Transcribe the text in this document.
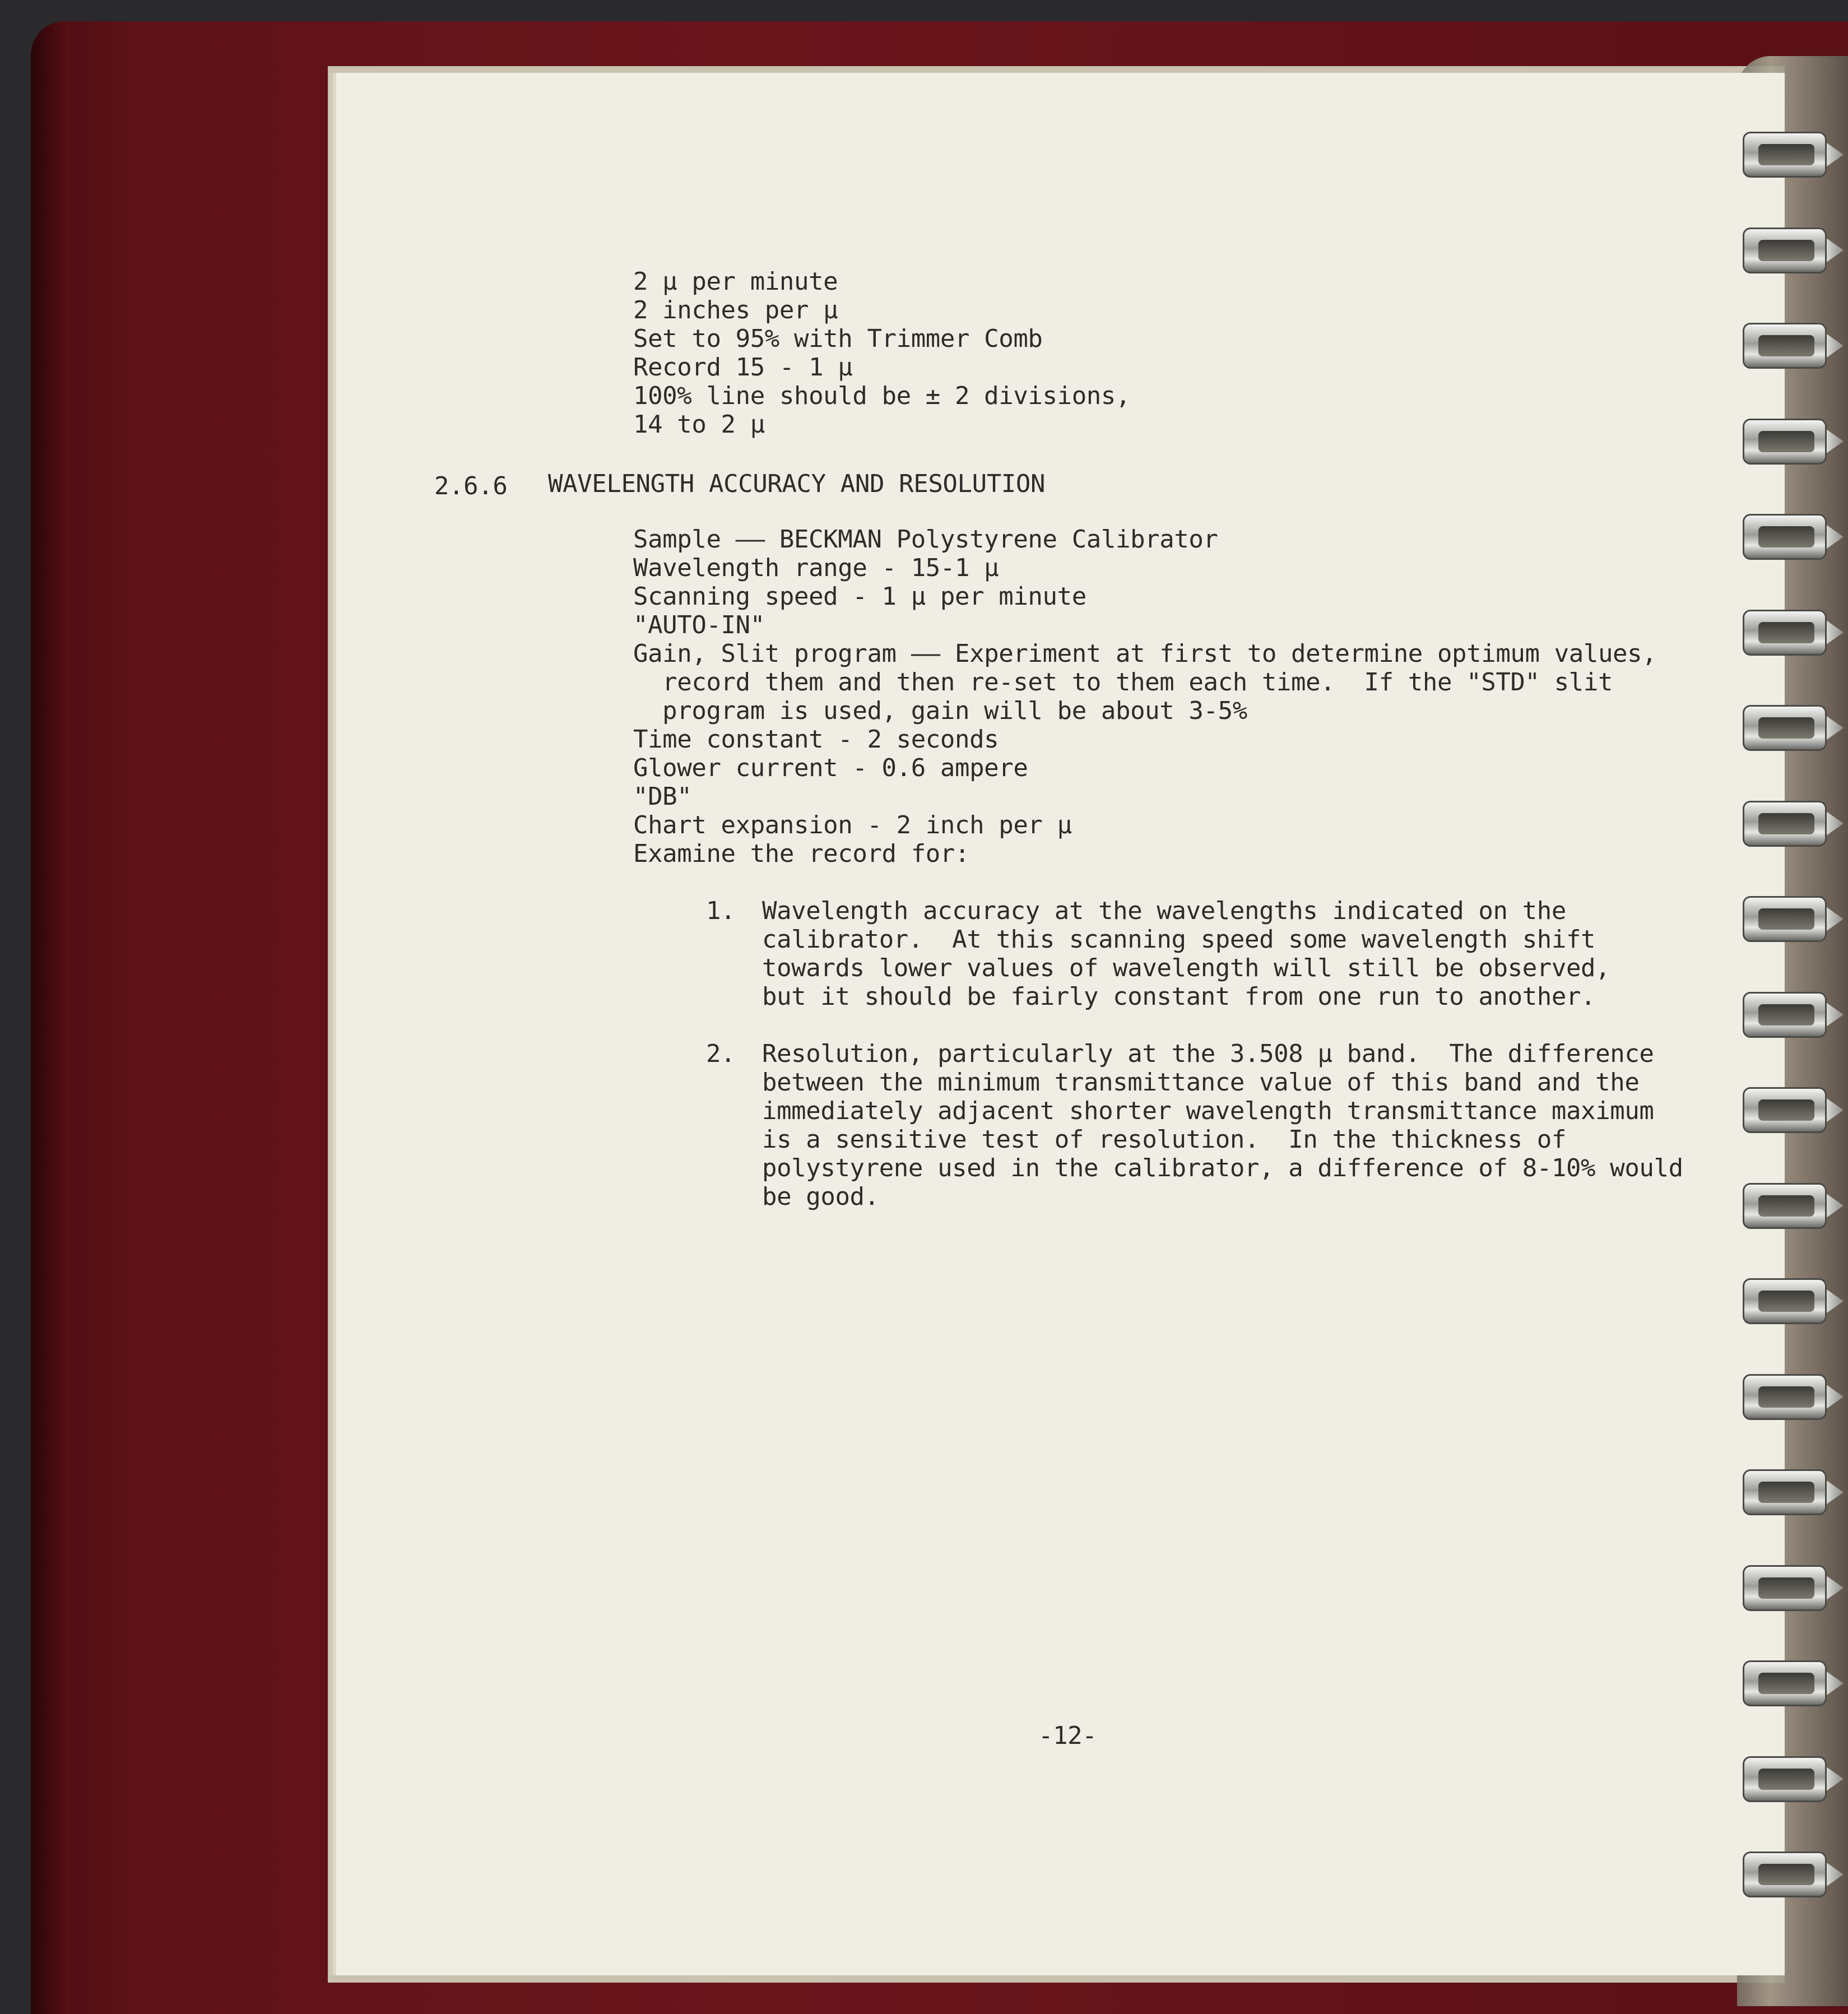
2 μ per minute
2 inches per μ
Set to 95% with Trimmer Comb
Record 15 - 1 μ
100% line should be ± 2 divisions,
14 to 2 μ
2.6.6 WAVELENGTH ACCURACY AND RESOLUTION
Sample —— BECKMAN Polystyrene Calibrator
Wavelength range - 15-1 μ
Scanning speed - 1 μ per minute
"AUTO-IN"
Gain, Slit program —— Experiment at first to determine optimum values,
record them and then re-set to them each time.  If the "STD" slit
program is used, gain will be about 3-5%
Time constant - 2 seconds
Glower current - 0.6 ampere
"DB"
Chart expansion - 2 inch per μ
Examine the record for:
1. Wavelength accuracy at the wavelengths indicated on the
calibrator.  At this scanning speed some wavelength shift
towards lower values of wavelength will still be observed,
but it should be fairly constant from one run to another.
2. Resolution, particularly at the 3.508 μ band.  The difference
between the minimum transmittance value of this band and the
immediately adjacent shorter wavelength transmittance maximum
is a sensitive test of resolution.  In the thickness of
polystyrene used in the calibrator, a difference of 8-10% would
be good.
-12-
